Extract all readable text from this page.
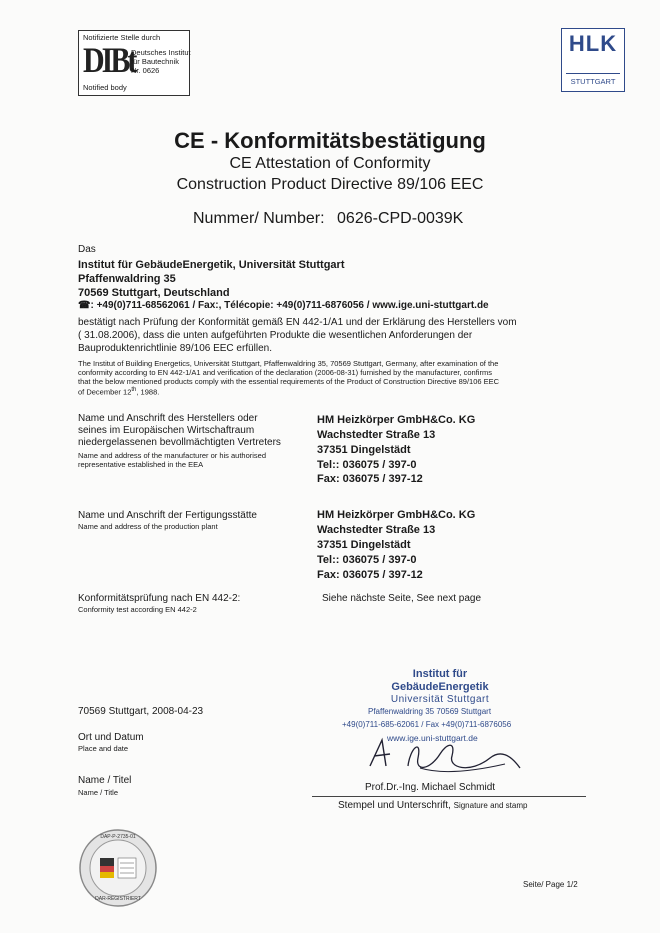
Notifizierte Stelle durch
DIBt
Deutsches Institut
für Bautechnik
Nr. 0626
Notified body
HLK
STUTTGART
CE - Konformitätsbestätigung
CE Attestation of Conformity
Construction Product Directive 89/106 EEC
Nummer/ Number: 0626-CPD-0039K
Das
Institut für GebäudeEnergetik, Universität Stuttgart
Pfaffenwaldring 35
70569 Stuttgart, Deutschland
☎: +49(0)711-68562061 / Fax:, Télécopie: +49(0)711-6876056 / www.ige.uni-stuttgart.de
bestätigt nach Prüfung der Konformität gemäß EN 442-1/A1 und der Erklärung des Herstellers vom
( 31.08.2006), dass die unten aufgeführten Produkte die wesentlichen Anforderungen der
Bauproduktenrichtlinie 89/106 EEC erfüllen.
The Institut of Building Energetics, Universität Stuttgart, Pfaffenwaldring 35, 70569 Stuttgart, Germany, after examination of the
conformity according to EN 442-1/A1 and verification of the declaration (2006-08-31) furnished by the manufacturer, confirms
that the below mentioned products comply with the essential requirements of the Product of Construction Directive 89/106 EEC
of December 12th, 1988.
Name und Anschrift des Herstellers oder
seines im Europäischen Wirtschaftraum
niedergelassenen bevollmächtigten Vertreters
Name and address of the manufacturer or his authorised
representative established in the EEA
HM Heizkörper GmbH&Co. KG
Wachstedter Straße 13
37351 Dingelstädt
Tel:: 036075 / 397-0
Fax: 036075 / 397-12
Name und Anschrift der Fertigungsstätte
Name and address of the production plant
HM Heizkörper GmbH&Co. KG
Wachstedter Straße 13
37351 Dingelstädt
Tel:: 036075 / 397-0
Fax: 036075 / 397-12
Konformitätsprüfung nach EN 442-2:
Conformity test according EN 442-2
Siehe nächste Seite, See next page
Institut für
GebäudeEnergetik
Universität Stuttgart
Pfaffenwaldring 35 70569 Stuttgart
+49(0)711-685-62061 / Fax +49(0)711-6876056
www.ige.uni-stuttgart.de
70569 Stuttgart, 2008-04-23
Ort und Datum
Place and date
Name / Titel
Name / Title	Prof.Dr.-Ing. Michael Schmidt
Stempel und Unterschrift, Signature and stamp
DAP-P-2735-01
DAR-REGISTRIERT
Seite/ Page 1/2
